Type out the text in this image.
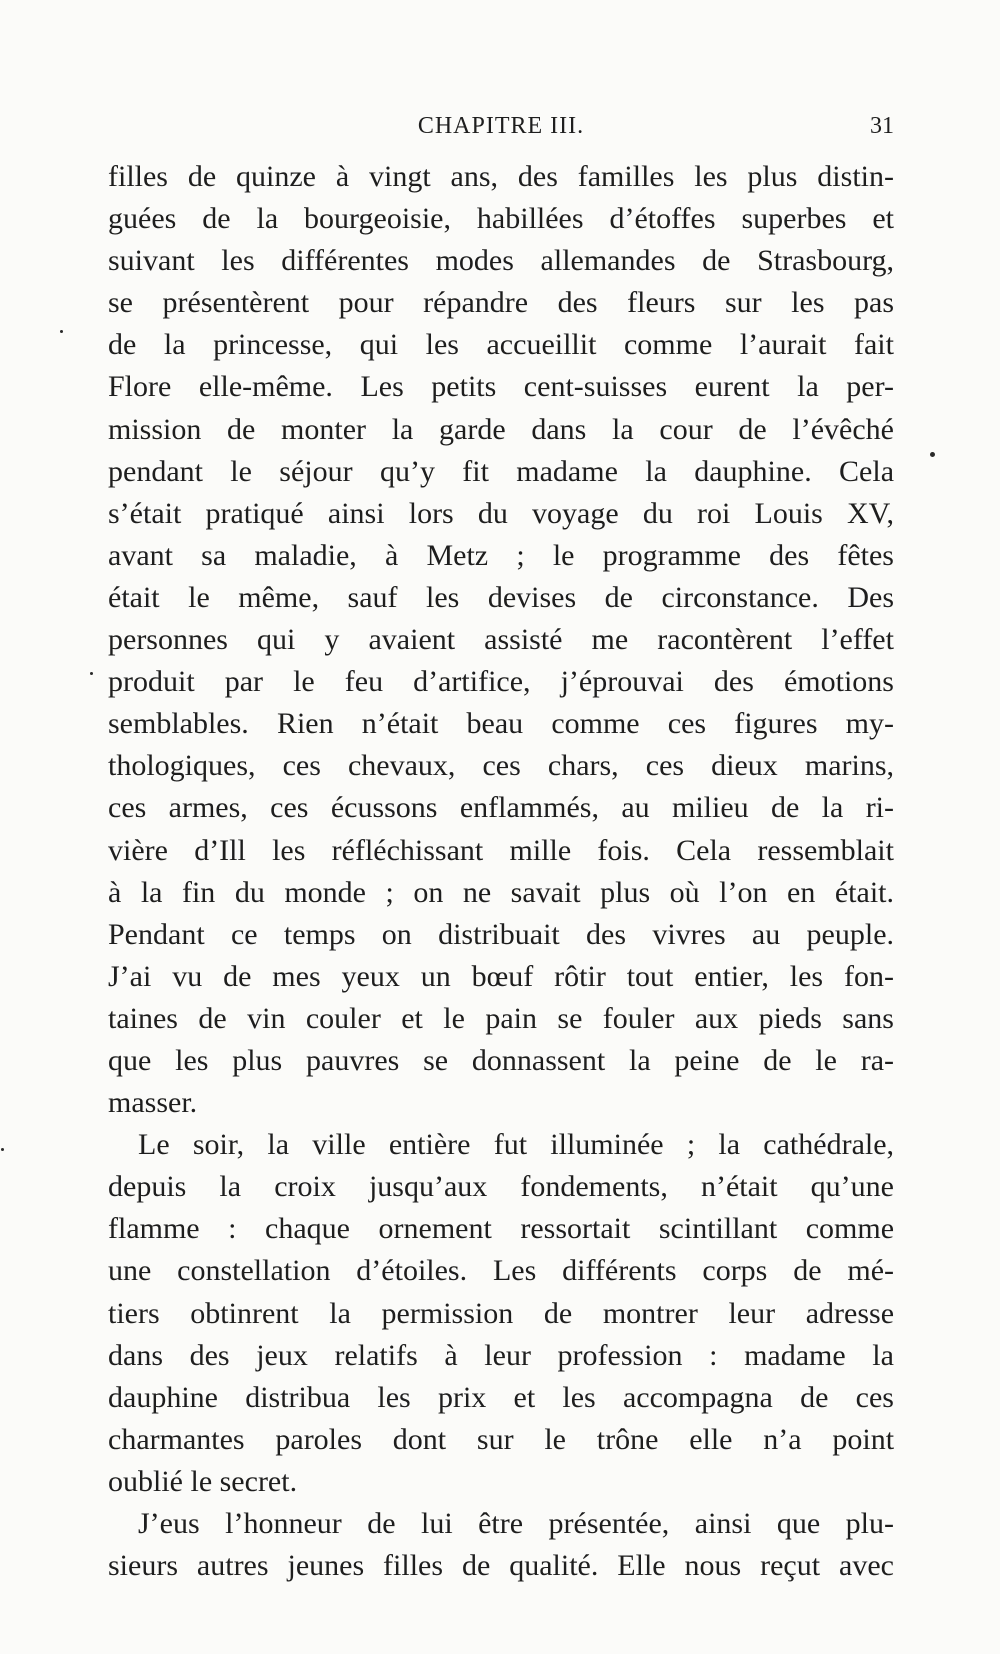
CHAPITRE III.	31
filles de quinze à vingt ans, des familles les plus distin-
guées de la bourgeoisie, habillées d’étoffes superbes et
suivant les différentes modes allemandes de Strasbourg,
se présentèrent pour répandre des fleurs sur les pas
de la princesse, qui les accueillit comme l’aurait fait
Flore elle-même. Les petits cent-suisses eurent la per-
mission de monter la garde dans la cour de l’évêché
pendant le séjour qu’y fit madame la dauphine. Cela
s’était pratiqué ainsi lors du voyage du roi Louis XV,
avant sa maladie, à Metz ; le programme des fêtes
était le même, sauf les devises de circonstance. Des
personnes qui y avaient assisté me racontèrent l’effet
produit par le feu d’artifice, j’éprouvai des émotions
semblables. Rien n’était beau comme ces figures my-
thologiques, ces chevaux, ces chars, ces dieux marins,
ces armes, ces écussons enflammés, au milieu de la ri-
vière d’Ill les réfléchissant mille fois. Cela ressemblait
à la fin du monde ; on ne savait plus où l’on en était.
Pendant ce temps on distribuait des vivres au peuple.
J’ai vu de mes yeux un bœuf rôtir tout entier, les fon-
taines de vin couler et le pain se fouler aux pieds sans
que les plus pauvres se donnassent la peine de le ra-
masser.
Le soir, la ville entière fut illuminée ; la cathédrale,
depuis la croix jusqu’aux fondements, n’était qu’une
flamme : chaque ornement ressortait scintillant comme
une constellation d’étoiles. Les différents corps de mé-
tiers obtinrent la permission de montrer leur adresse
dans des jeux relatifs à leur profession : madame la
dauphine distribua les prix et les accompagna de ces
charmantes paroles dont sur le trône elle n’a point
oublié le secret.
J’eus l’honneur de lui être présentée, ainsi que plu-
sieurs autres jeunes filles de qualité. Elle nous reçut avec
